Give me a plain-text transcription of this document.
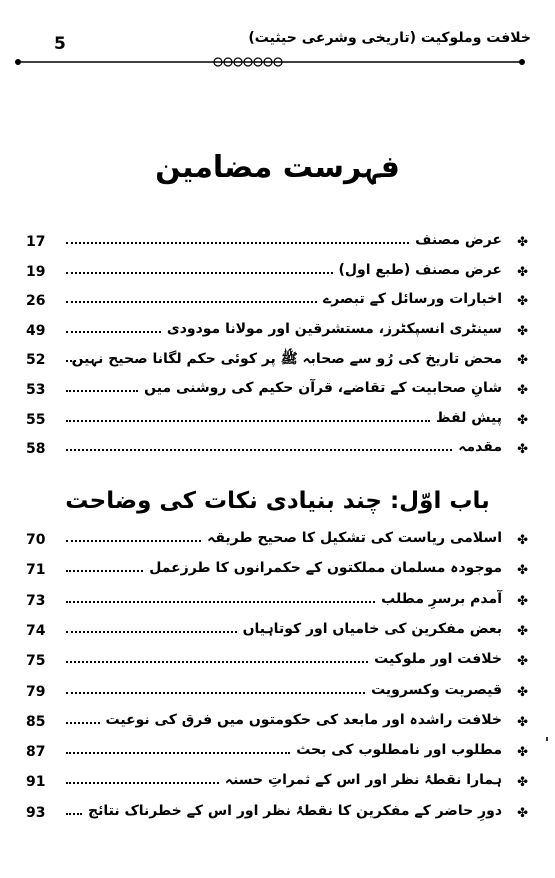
5	خلافت وملوکیت (تاریخی وشرعی حیثیت)
فہرست مضامین
باب اوّل: چند بنیادی نکات کی وضاحت
17	عرض مصنف ✤
19	عرض مصنف (طبع اول) ✤
26	اخبارات ورسائل کے تبصرے ✤
49	سینٹری انسپکٹرز، مستشرقین اور مولانا مودودی ✤
52 محض تاریخ کی رُو سے صحابہ ﷺ پر کوئی حکم لگانا صحیح نہیں ✤
53	شانِ صحابیت کے تقاضے، قرآن حکیم کی روشنی میں ✤
55	پیش لفظ ✤
58	مقدمہ ✤
70	اسلامی ریاست کی تشکیل کا صحیح طریقہ ✤
71	موجودہ مسلمان مملکتوں کے حکمرانوں کا طرزعمل ✤
73	آمدم برسرِ مطلب ✤
74	بعض مفکرین کی خامیاں اور کوتاہیاں ✤
75	خلافت اور ملوکیت ✤
79	قیصریت وکسرویت ✤
85	خلافت راشدہ اور مابعد کی حکومتوں میں فرق کی نوعیت ✤
87	مطلوب اور نامطلوب کی بحث ✤
91	ہمارا نقطۂ نظر اور اس کے ثمراتِ حسنہ ✤
93	دورِ حاضر کے مفکرین کا نقطۂ نظر اور اس کے خطرناک نتائج ✤
